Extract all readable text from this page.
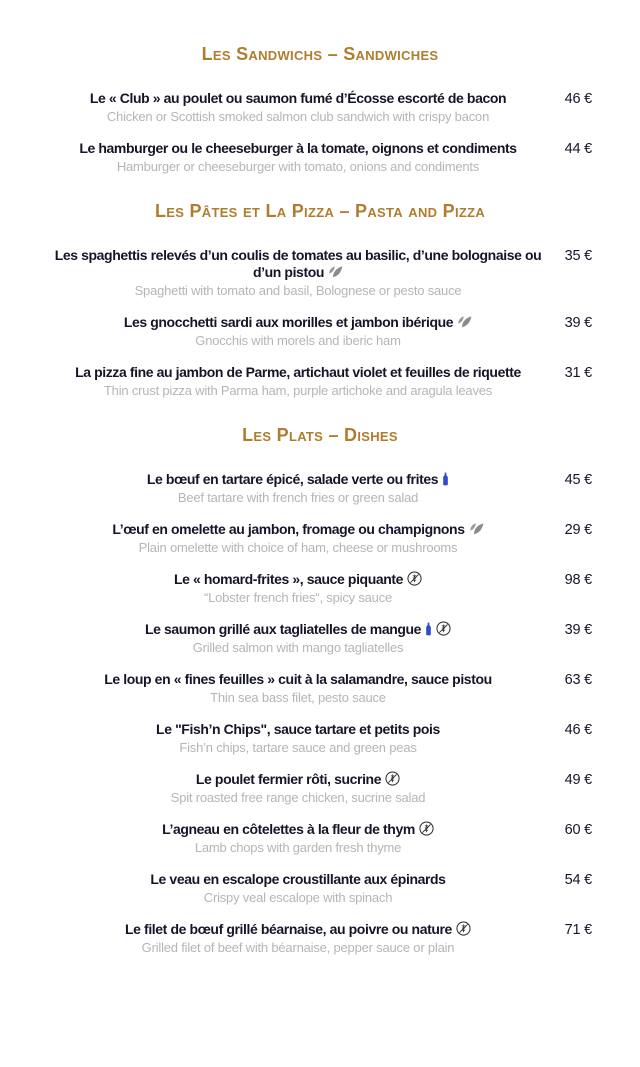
Les Sandwichs – Sandwiches
Le « Club » au poulet ou saumon fumé d’Écosse escorté de bacon
Chicken or Scottish smoked salmon club sandwich with crispy bacon
46 €
Le hamburger ou le cheeseburger à la tomate, oignons et condiments
Hamburger or cheeseburger with tomato, onions and condiments
44 €
Les Pâtes et La Pizza – Pasta and Pizza
Les spaghettis relevés d’un coulis de tomates au basilic, d’une bolognaise ou d’un pistou
Spaghetti with tomato and basil, Bolognese or pesto sauce
35 €
Les gnocchetti sardi aux morilles et jambon ibérique
Gnocchis with morels and iberic ham
39 €
La pizza fine au jambon de Parme, artichaut violet et feuilles de riquette
Thin crust pizza with Parma ham, purple artichoke and aragula leaves
31 €
Les Plats – Dishes
Le bœuf en tartare épicé, salade verte ou frites
Beef tartare with french fries or green salad
45 €
L’œuf en omelette au jambon, fromage ou champignons
Plain omelette with choice of ham, cheese or mushrooms
29 €
Le « homard-frites », sauce piquante
“Lobster french fries“, spicy sauce
98 €
Le saumon grillé aux tagliatelles de mangue
Grilled salmon with mango tagliatelles
39 €
Le loup en « fines feuilles » cuit à la salamandre, sauce pistou
Thin sea bass filet, pesto sauce
63 €
Le "Fish’n Chips", sauce tartare et petits pois
Fish’n chips, tartare sauce and green peas
46 €
Le poulet fermier rôti, sucrine
Spit roasted free range chicken, sucrine salad
49 €
L’agneau en côtelettes à la fleur de thym
Lamb chops with garden fresh thyme
60 €
Le veau en escalope croustillante aux épinards
Crispy veal escalope with spinach
54 €
Le filet de bœuf grillé béarnaise, au poivre ou nature
Grilled filet of beef with béarnaise, pepper sauce or plain
71 €
